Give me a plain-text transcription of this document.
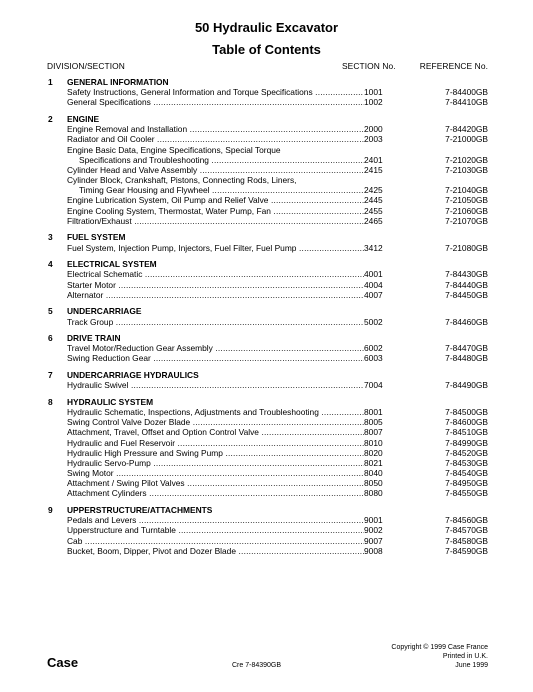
50 Hydraulic Excavator
Table of Contents
DIVISION/SECTION	SECTION No.	REFERENCE No.
1 GENERAL INFORMATION
Safety Instructions, General Information and Torque Specifications .....	1001	7-84400GB
General Specifications .....	1002	7-84410GB
2 ENGINE
Engine Removal and Installation .....	2000	7-84420GB
Radiator and Oil Cooler .....	2003	7-21000GB
Engine Basic Data, Engine Specifications, Special Torque
Specifications and Troubleshooting .....	2401	7-21020GB
Cylinder Head and Valve Assembly .....	2415	7-21030GB
Cylinder Block, Crankshaft, Pistons, Connecting Rods, Liners,
Timing Gear Housing and Flywheel .....	2425	7-21040GB
Engine Lubrication System, Oil Pump and Relief Valve .....	2445	7-21050GB
Engine Cooling System, Thermostat, Water Pump, Fan .....	2455	7-21060GB
Filtration/Exhaust .....	2465	7-21070GB
3 FUEL SYSTEM
Fuel System, Injection Pump, Injectors, Fuel Filter, Fuel Pump .....	3412	7-21080GB
4 ELECTRICAL SYSTEM
Electrical Schematic .....	4001	7-84430GB
Starter Motor .....	4004	7-84440GB
Alternator .....	4007	7-84450GB
5 UNDERCARRIAGE
Track Group .....	5002	7-84460GB
6 DRIVE TRAIN
Travel Motor/Reduction Gear Assembly .....	6002	7-84470GB
Swing Reduction Gear .....	6003	7-84480GB
7 UNDERCARRIAGE HYDRAULICS
Hydraulic Swivel .....	7004	7-84490GB
8 HYDRAULIC SYSTEM
Hydraulic Schematic, Inspections, Adjustments and Troubleshooting .....	8001	7-84500GB
Swing Control Valve Dozer Blade .....	8005	7-84600GB
Attachment, Travel, Offset and Option Control Valve .....	8007	7-84510GB
Hydraulic and Fuel Reservoir .....	8010	7-84990GB
Hydraulic High Pressure and Swing Pump .....	8020	7-84520GB
Hydraulic Servo-Pump .....	8021	7-84530GB
Swing Motor .....	8040	7-84540GB
Attachment / Swing Pilot Valves .....	8050	7-84950GB
Attachment Cylinders .....	8080	7-84550GB
9 UPPERSTRUCTURE/ATTACHMENTS
Pedals and Levers .....	9001	7-84560GB
Upperstructure and Turntable .....	9002	7-84570GB
Cab .....	9007	7-84580GB
Bucket, Boom, Dipper, Pivot and Dozer Blade .....	9008	7-84590GB
Case	Cre 7-84390GB
Copyright © 1999 Case France
Printed in U.K.
June 1999
